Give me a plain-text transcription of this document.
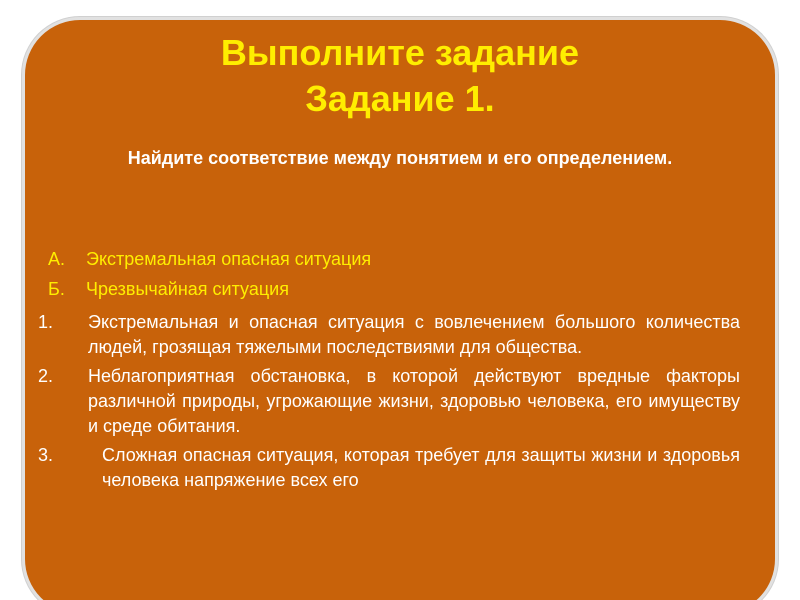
Выполните задание
Задание 1.
Найдите соответствие между понятием и его определением.
А.	Экстремальная опасная ситуация
Б.	Чрезвычайная ситуация
1.	Экстремальная и опасная ситуация с вовлечением большого количества людей, грозящая тяжелыми последствиями для общества.
2.	Неблагоприятная обстановка, в которой действуют вредные факторы различной природы, угрожающие жизни, здоровью человека, его имуществу и среде обитания.
3.	Сложная опасная ситуация, которая требует для защиты жизни и здоровья человека напряжение всех его
